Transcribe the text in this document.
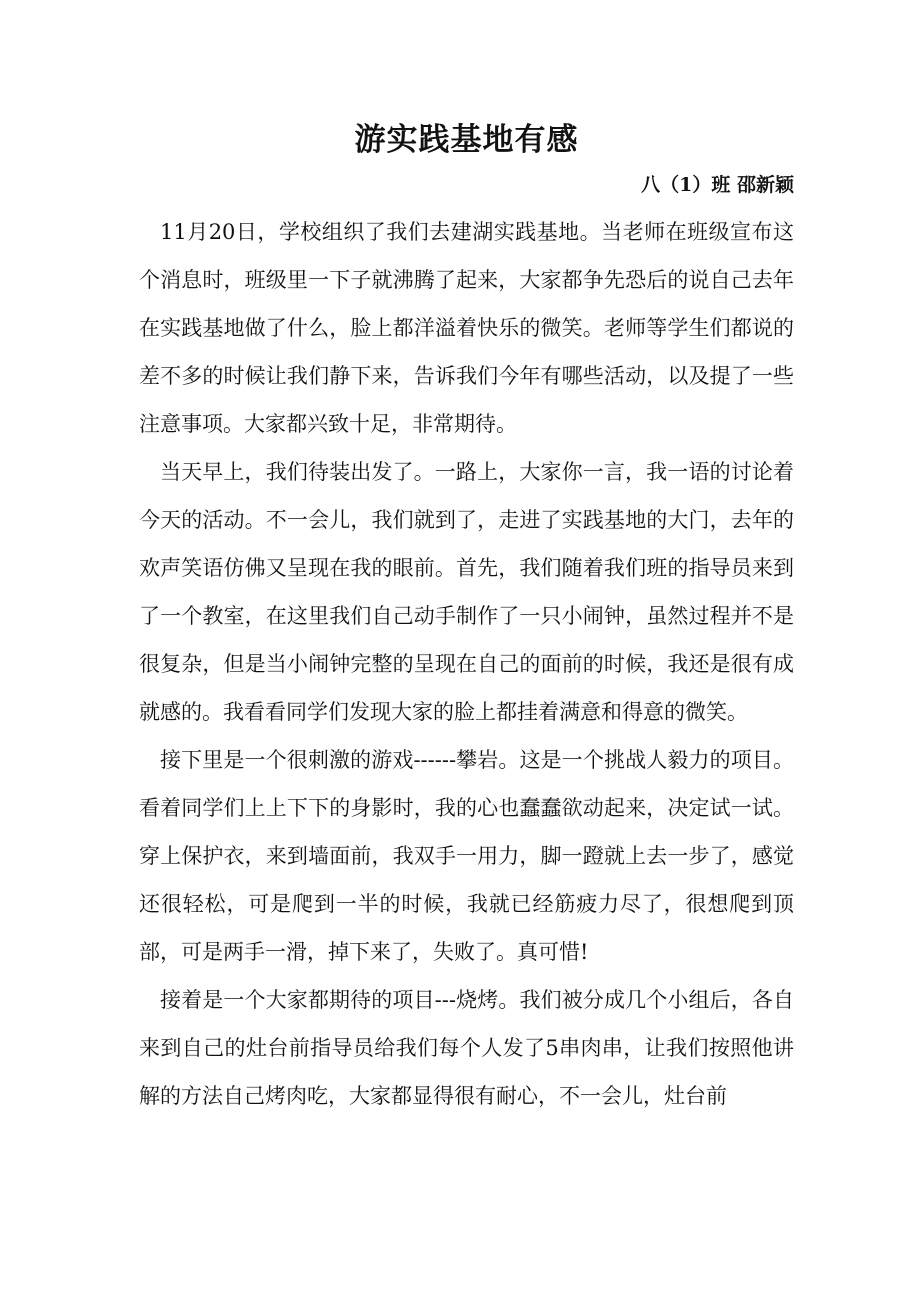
游实践基地有感
八（1）班 邵新颖

11月20日，学校组织了我们去建湖实践基地。当老师在班级宣布这个消息时，班级里一下子就沸腾了起来，大家都争先恐后的说自己去年在实践基地做了什么，脸上都洋溢着快乐的微笑。老师等学生们都说的差不多的时候让我们静下来，告诉我们今年有哪些活动，以及提了一些注意事项。大家都兴致十足，非常期待。

当天早上，我们待装出发了。一路上，大家你一言，我一语的讨论着今天的活动。不一会儿，我们就到了，走进了实践基地的大门，去年的欢声笑语仿佛又呈现在我的眼前。首先，我们随着我们班的指导员来到了一个教室，在这里我们自己动手制作了一只小闹钟，虽然过程并不是很复杂，但是当小闹钟完整的呈现在自己的面前的时候，我还是很有成就感的。我看看同学们发现大家的脸上都挂着满意和得意的微笑。

接下里是一个很刺激的游戏------攀岩。这是一个挑战人毅力的项目。看着同学们上上下下的身影时，我的心也蠢蠢欲动起来，决定试一试。穿上保护衣，来到墙面前，我双手一用力，脚一蹬就上去一步了，感觉还很轻松，可是爬到一半的时候，我就已经筋疲力尽了，很想爬到顶部，可是两手一滑，掉下来了，失败了。真可惜!

接着是一个大家都期待的项目---烧烤。我们被分成几个小组后，各自来到自己的灶台前指导员给我们每个人发了5串肉串，让我们按照他讲解的方法自己烤肉吃，大家都显得很有耐心，不一会儿，灶台前
